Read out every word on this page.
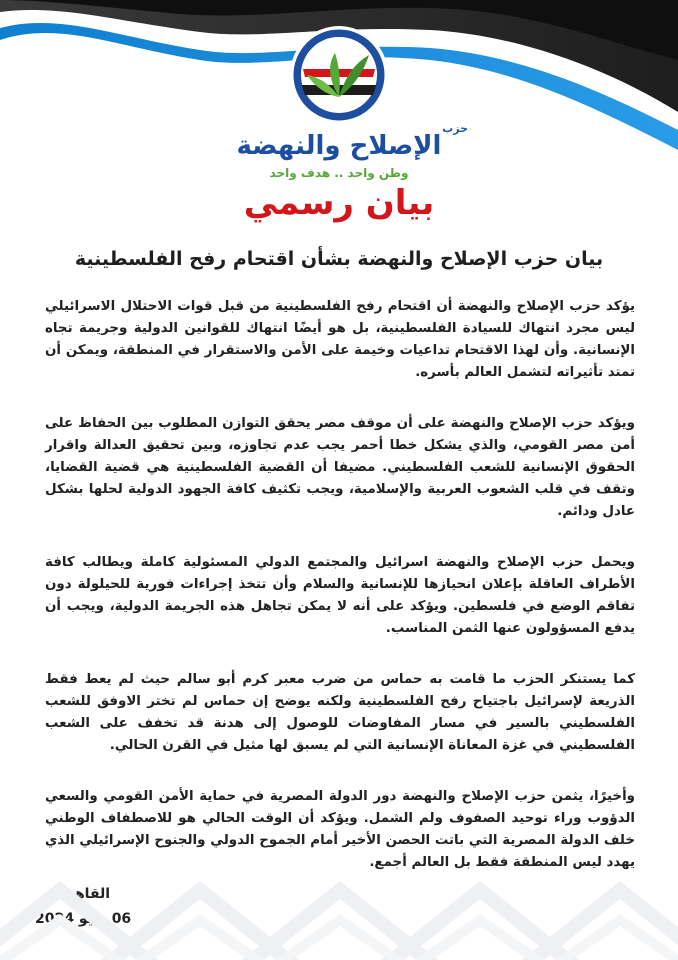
حزب
الإصلاح والنهضة
وطن واحد .. هدف واحد
بيان رسمي
بيان حزب الإصلاح والنهضة بشأن اقتحام رفح الفلسطينية

يؤكد حزب الإصلاح والنهضة أن اقتحام رفح الفلسطينية من قبل قوات الاحتلال الاسرائيلي ليس مجرد انتهاك للسيادة الفلسطينية، بل هو أيضًا انتهاك للقوانين الدولية وجريمة تجاه الإنسانية. وأن لهذا الاقتحام تداعيات وخيمة على الأمن والاستقرار في المنطقة، ويمكن أن تمتد تأثيراته لتشمل العالم بأسره.

ويؤكد حزب الإصلاح والنهضة على أن موقف مصر يحقق التوازن المطلوب بين الحفاظ على أمن مصر القومي، والذي يشكل خطا أحمر يجب عدم تجاوزه، وبين تحقيق العدالة واقرار الحقوق الإنسانية للشعب الفلسطيني. مضيفا أن القضية الفلسطينية هي قضية القضايا، وتقف في قلب الشعوب العربية والإسلامية، ويجب تكثيف كافة الجهود الدولية لحلها بشكل عادل ودائم.

ويحمل حزب الإصلاح والنهضة اسرائيل والمجتمع الدولي المسئولية كاملة ويطالب كافة الأطراف العاقلة بإعلان انحيازها للإنسانية والسلام وأن تتخذ إجراءات فورية للحيلولة دون تفاقم الوضع في فلسطين. ويؤكد على أنه لا يمكن تجاهل هذه الجريمة الدولية، ويجب أن يدفع المسؤولون عنها الثمن المناسب.

كما يستنكر الحزب ما قامت به حماس من ضرب معبر كرم أبو سالم حيث لم يعط فقط الذريعة لإسرائيل باجتياح رفح الفلسطينية ولكنه يوضح إن حماس لم تختر الاوفق للشعب الفلسطيني بالسير في مسار المفاوضات للوصول إلى هدنة قد تخفف على الشعب الفلسطيني في غزة المعاناة الإنسانية التي لم يسبق لها مثيل في القرن الحالي.

وأخيرًا، يثمن حزب الإصلاح والنهضة دور الدولة المصرية في حماية الأمن القومي والسعي الدؤوب وراء توحيد الصفوف ولم الشمل. ويؤكد أن الوقت الحالي هو للاصطفاف الوطني خلف الدولة المصرية التي باتت الحصن الأخير أمام الجموح الدولي والجنوح الإسرائيلي الذي يهدد ليس المنطقة فقط بل العالم أجمع.

القاهرة
06 مايو 2024
